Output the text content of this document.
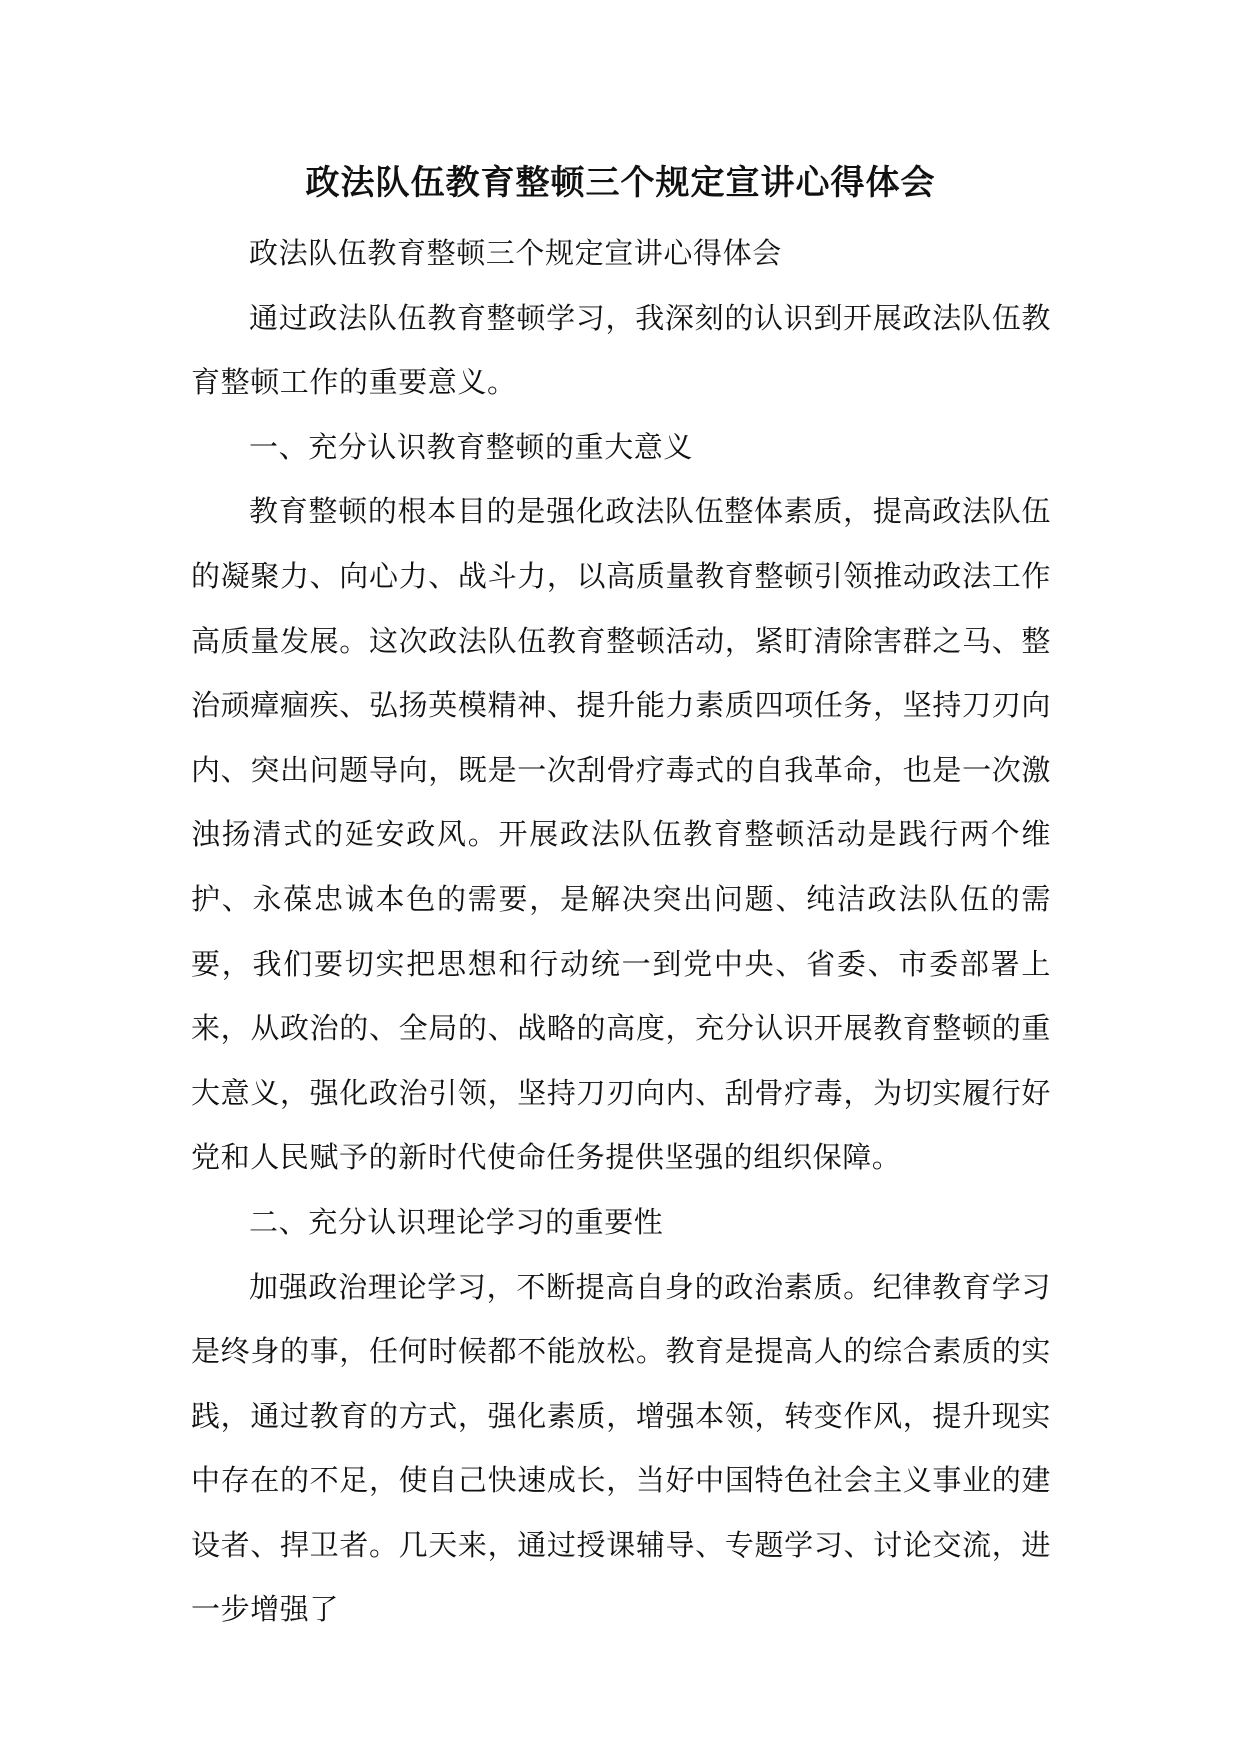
政法队伍教育整顿三个规定宣讲心得体会

政法队伍教育整顿三个规定宣讲心得体会

通过政法队伍教育整顿学习，我深刻的认识到开展政法队伍教育整顿工作的重要意义。

一、充分认识教育整顿的重大意义

教育整顿的根本目的是强化政法队伍整体素质，提高政法队伍的凝聚力、向心力、战斗力，以高质量教育整顿引领推动政法工作高质量发展。这次政法队伍教育整顿活动，紧盯清除害群之马、整治顽瘴痼疾、弘扬英模精神、提升能力素质四项任务，坚持刀刃向内、突出问题导向，既是一次刮骨疗毒式的自我革命，也是一次激浊扬清式的延安政风。开展政法队伍教育整顿活动是践行两个维护、永葆忠诚本色的需要，是解决突出问题、纯洁政法队伍的需要，我们要切实把思想和行动统一到党中央、省委、市委部署上来，从政治的、全局的、战略的高度，充分认识开展教育整顿的重大意义，强化政治引领，坚持刀刃向内、刮骨疗毒，为切实履行好党和人民赋予的新时代使命任务提供坚强的组织保障。

二、充分认识理论学习的重要性

加强政治理论学习，不断提高自身的政治素质。纪律教育学习是终身的事，任何时候都不能放松。教育是提高人的综合素质的实践，通过教育的方式，强化素质，增强本领，转变作风，提升现实中存在的不足，使自己快速成长，当好中国特色社会主义事业的建设者、捍卫者。几天来，通过授课辅导、专题学习、讨论交流，进一步增强了
